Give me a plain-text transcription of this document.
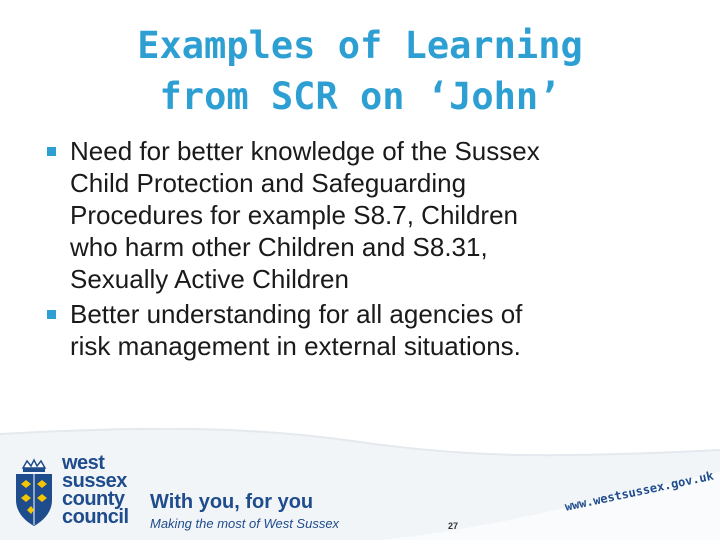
Examples of Learning
from SCR on ‘John’
Need for better knowledge of the Sussex
Child Protection and Safeguarding
Procedures for example S8.7, Children
who harm other Children and S8.31,
Sexually Active Children
Better understanding for all agencies of
risk management in external situations.
west
sussex
county
council
With you, for you
Making the most of West Sussex	27
www.westsussex.gov.uk
